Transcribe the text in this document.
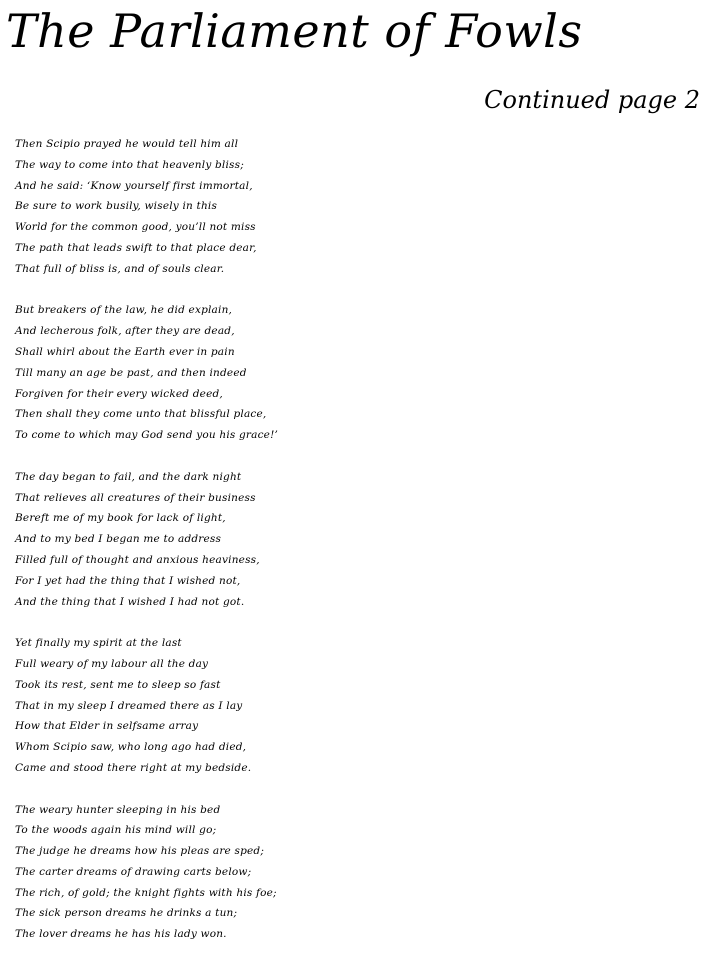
The Parliament of Fowls
Continued page 2
Then Scipio prayed he would tell him all
The way to come into that heavenly bliss;
And he said: ‘Know yourself first immortal,
Be sure to work busily, wisely in this
World for the common good, you’ll not miss
The path that leads swift to that place dear,
That full of bliss is, and of souls clear.
But breakers of the law, he did explain,
And lecherous folk, after they are dead,
Shall whirl about the Earth ever in pain
Till many an age be past, and then indeed
Forgiven for their every wicked deed,
Then shall they come unto that blissful place,
To come to which may God send you his grace!’
The day began to fail, and the dark night
That relieves all creatures of their business
Bereft me of my book for lack of light,
And to my bed I began me to address
Filled full of thought and anxious heaviness,
For I yet had the thing that I wished not,
And the thing that I wished I had not got.
Yet finally my spirit at the last
Full weary of my labour all the day
Took its rest, sent me to sleep so fast
That in my sleep I dreamed there as I lay
How that Elder in selfsame array
Whom Scipio saw, who long ago had died,
Came and stood there right at my bedside.
The weary hunter sleeping in his bed
To the woods again his mind will go;
The judge he dreams how his pleas are sped;
The carter dreams of drawing carts below;
The rich, of gold; the knight fights with his foe;
The sick person dreams he drinks a tun;
The lover dreams he has his lady won.
